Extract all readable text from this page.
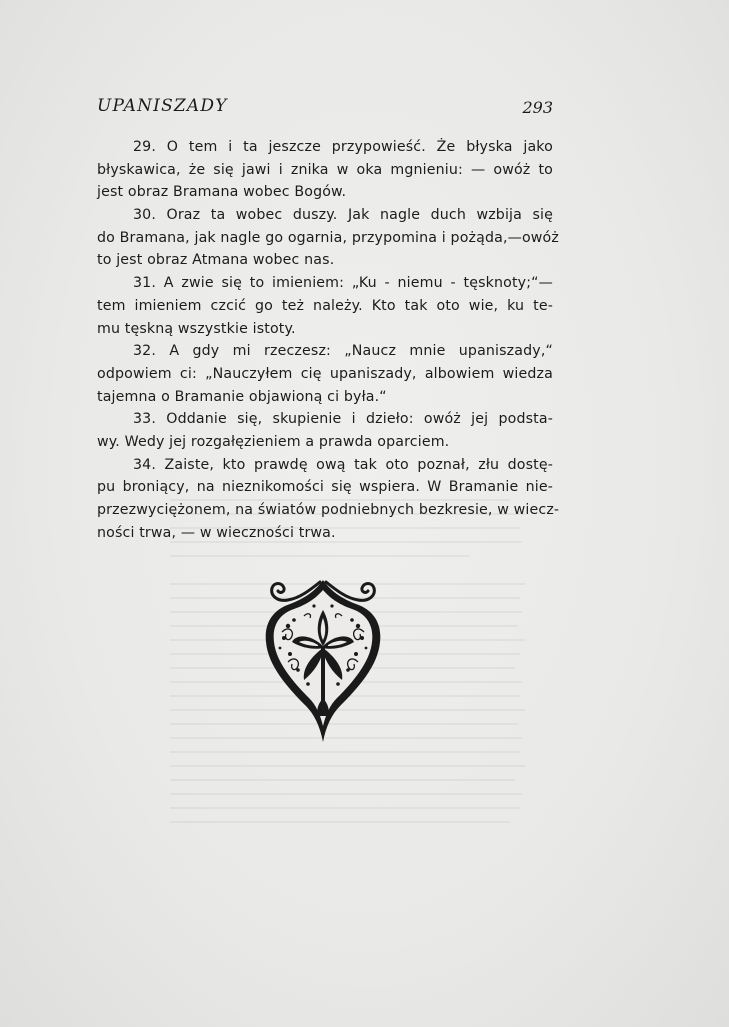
UPANISZADY	293
29. O tem i ta jeszcze przypowieść. Że błyska jako
błyskawica, że się jawi i znika w oka mgnieniu: — owóż to
jest obraz Bramana wobec Bogów.
30. Oraz ta wobec duszy. Jak nagle duch wzbija się
do Bramana, jak nagle go ogarnia, przypomina i pożąda,—owóż
to jest obraz Atmana wobec nas.
31. A zwie się to imieniem: „Ku - niemu - tęsknoty;“—
tem imieniem czcić go też należy. Kto tak oto wie, ku te-
mu tęskną wszystkie istoty.
32. A gdy mi rzeczesz: „Naucz mnie upaniszady,“
odpowiem ci: „Nauczyłem cię upaniszady, albowiem wiedza
tajemna o Bramanie objawioną ci była.“
33. Oddanie się, skupienie i dzieło: owóż jej podsta-
wy. Wedy jej rozgałęzieniem a prawda oparciem.
34. Zaiste, kto prawdę ową tak oto poznał, złu dostę-
pu broniący, na nieznikomości się wspiera. W Bramanie nie-
przezwyciężonem, na światów podniebnych bezkresie, w wiecz-
ności trwa, — w wieczności trwa.
